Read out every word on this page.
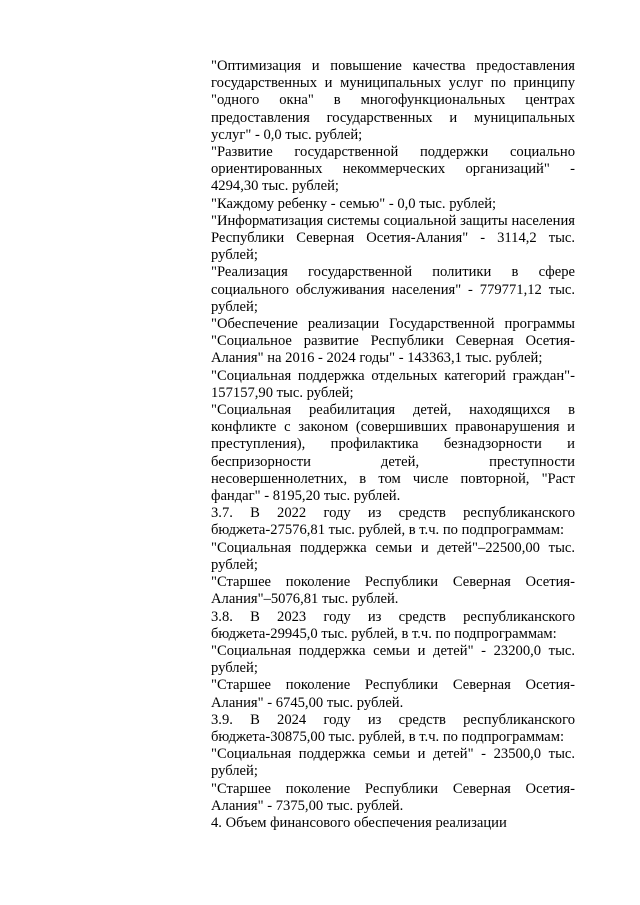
"Оптимизация и повышение качества предоставления государственных и муниципальных услуг по принципу "одного окна" в многофункциональных центрах предоставления государственных и муниципальных услуг" - 0,0 тыс. рублей;

"Развитие государственной поддержки социально ориентированных некоммерческих организаций" - 4294,30 тыс. рублей;

"Каждому ребенку - семью" - 0,0 тыс. рублей;

"Информатизация системы социальной защиты населения Республики Северная Осетия-Алания" - 3114,2 тыс. рублей;

"Реализация государственной политики в сфере социального обслуживания населения" - 779771,12 тыс. рублей;

"Обеспечение реализации Государственной программы "Социальное развитие Республики Северная Осетия-Алания" на 2016 - 2024 годы" - 143363,1 тыс. рублей;

"Социальная поддержка отдельных категорий граждан"- 157157,90 тыс. рублей;

"Социальная реабилитация детей, находящихся в конфликте с законом (совершивших правонарушения и преступления), профилактика безнадзорности и беспризорности детей, преступности несовершеннолетних, в том числе повторной, "Раст фандаг" - 8195,20 тыс. рублей.

3.7. В 2022 году из средств республиканского бюджета-27576,81 тыс. рублей, в т.ч. по подпрограммам:

"Социальная поддержка семьи и детей"–22500,00 тыс. рублей;

"Старшее поколение Республики Северная Осетия-Алания"–5076,81 тыс. рублей.

3.8. В 2023 году из средств республиканского бюджета-29945,0 тыс. рублей, в т.ч. по подпрограммам:

"Социальная поддержка семьи и детей" - 23200,0 тыс. рублей;

"Старшее поколение Республики Северная Осетия-Алания" - 6745,00 тыс. рублей.

3.9. В 2024 году из средств республиканского бюджета-30875,00 тыс. рублей, в т.ч. по подпрограммам:

"Социальная поддержка семьи и детей" - 23500,0 тыс. рублей;

"Старшее поколение Республики Северная Осетия-Алания" - 7375,00 тыс. рублей.

4. Объем финансового обеспечения реализации
